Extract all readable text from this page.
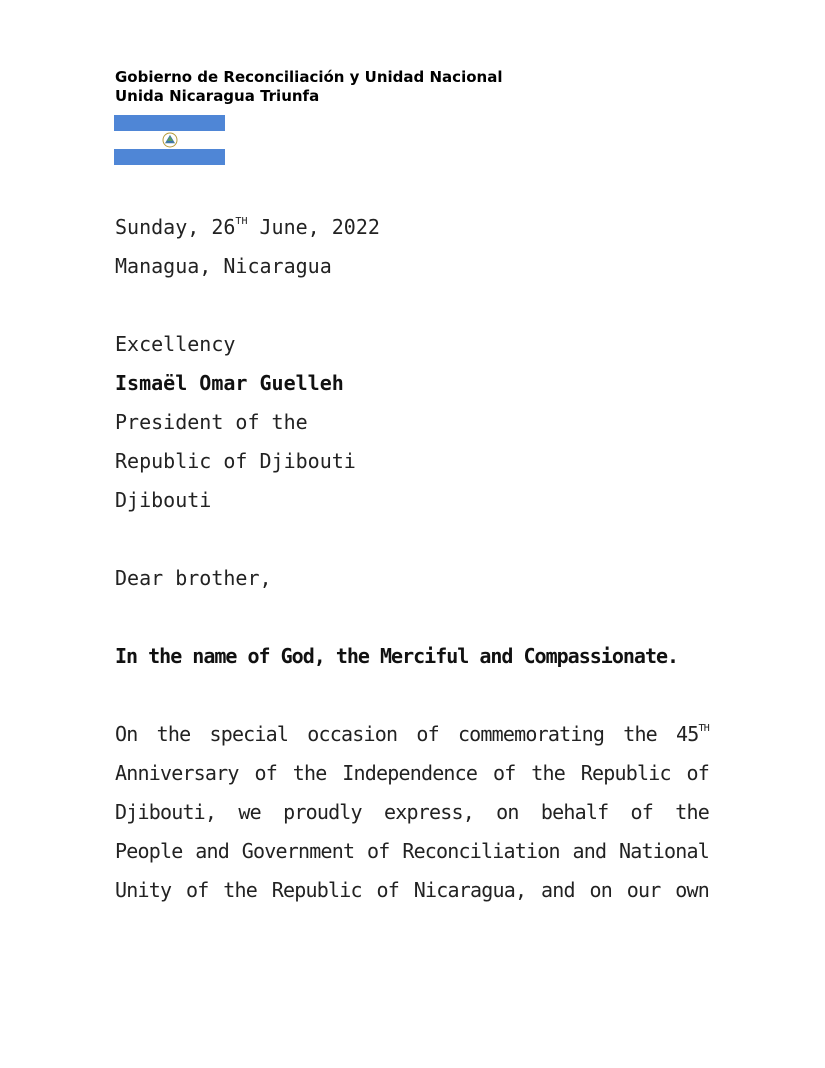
Gobierno de Reconciliación y Unidad Nacional
Unida Nicaragua Triunfa
Sunday, 26TH June, 2022
Managua, Nicaragua
Excellency
Ismaël Omar Guelleh
President of the
Republic of Djibouti
Djibouti
Dear brother,
In the name of God, the Merciful and Compassionate.
On the special occasion of commemorating the 45TH
Anniversary of the Independence of the Republic of
Djibouti, we proudly express, on behalf of the
People and Government of Reconciliation and National
Unity of the Republic of Nicaragua, and on our own
